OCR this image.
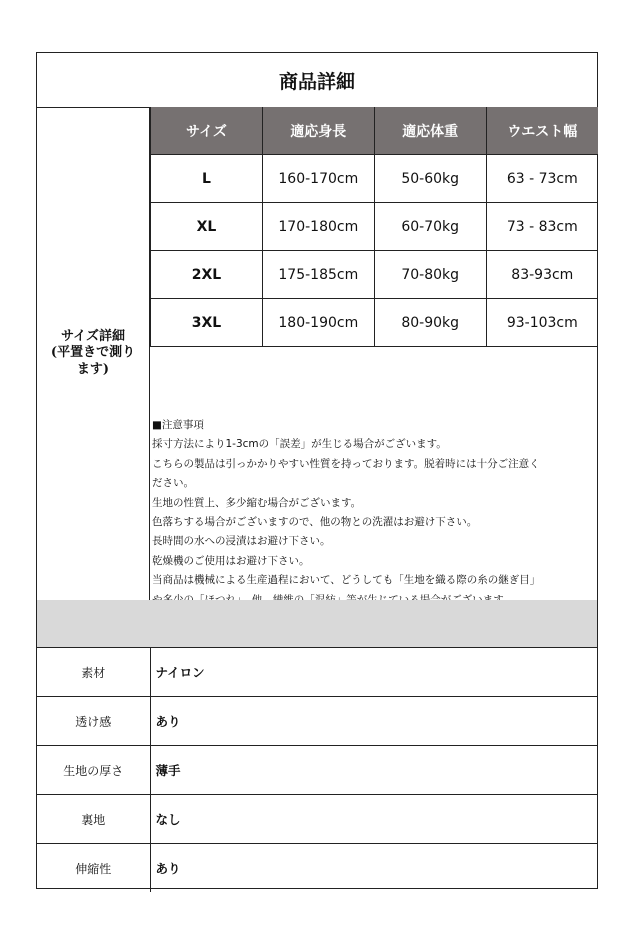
商品詳細
サイズ詳細
(平置きで測り
ます)
サイズ	適応身長	適応体重	ウエスト幅
L	160-170cm	50-60kg	63 - 73cm
XL	170-180cm	60-70kg	73 - 83cm
2XL	175-185cm	70-80kg	83-93cm
3XL	180-190cm	80-90kg	93-103cm
■注意事項
採寸方法により1-3cmの「誤差」が生じる場合がございます。
こちらの製品は引っかかりやすい性質を持っております。脱着時には十分ご注意く
ださい。
生地の性質上、多少縮む場合がございます。
色落ちする場合がございますので、他の物との洗濯はお避け下さい。
長時間の水への浸漬はお避け下さい。
乾燥機のご使用はお避け下さい。
当商品は機械による生産過程において、どうしても「生地を織る際の糸の継ぎ目」
素材	ナイロン
透け感	あり
生地の厚さ	薄手
裏地	なし
伸縮性	あり
